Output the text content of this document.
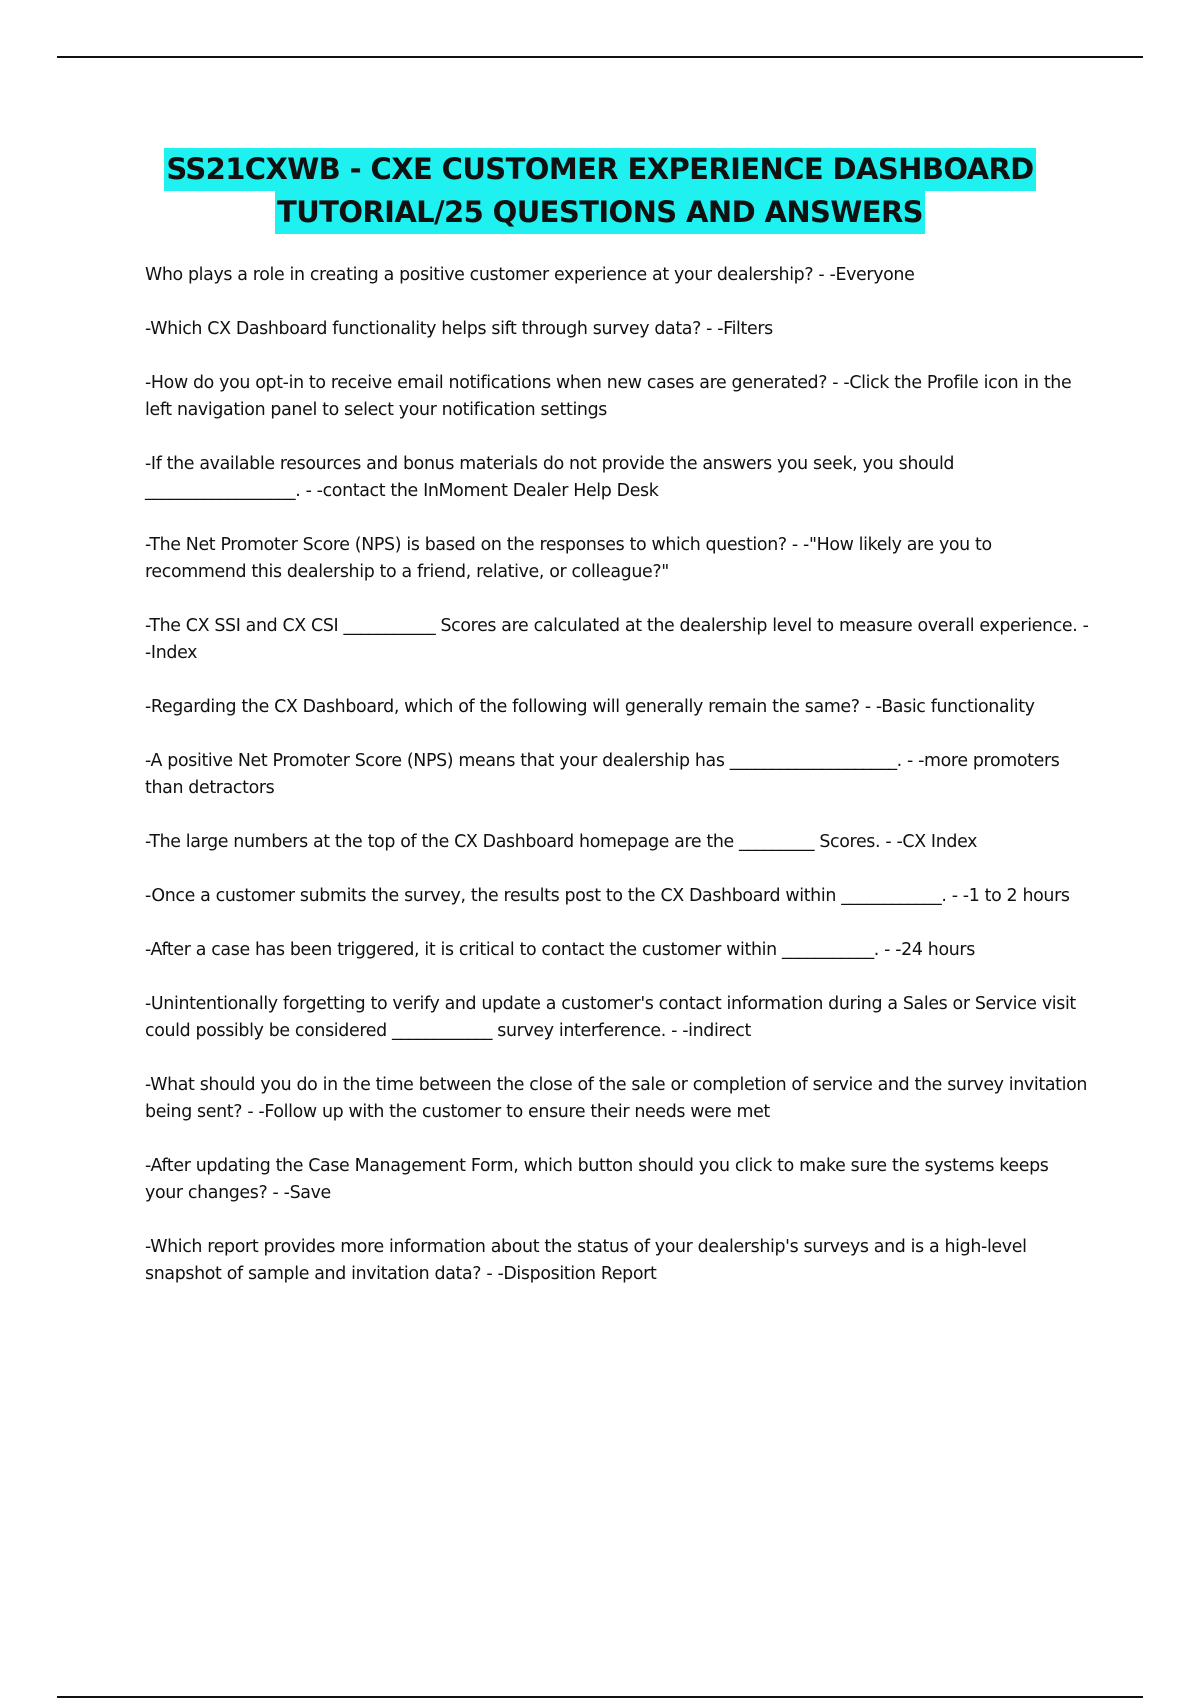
SS21CXWB - CXE CUSTOMER EXPERIENCE DASHBOARD
TUTORIAL/25 QUESTIONS AND ANSWERS

Who plays a role in creating a positive customer experience at your dealership? - -Everyone

-Which CX Dashboard functionality helps sift through survey data? - -Filters

-How do you opt-in to receive email notifications when new cases are generated? - -Click the Profile icon in the left navigation panel to select your notification settings

-If the available resources and bonus materials do not provide the answers you seek, you should __________________. - -contact the InMoment Dealer Help Desk

-The Net Promoter Score (NPS) is based on the responses to which question? - -"How likely are you to recommend this dealership to a friend, relative, or colleague?"

-The CX SSI and CX CSI ___________ Scores are calculated at the dealership level to measure overall experience. - -Index

-Regarding the CX Dashboard, which of the following will generally remain the same? - -Basic functionality

-A positive Net Promoter Score (NPS) means that your dealership has ____________________. - -more promoters than detractors

-The large numbers at the top of the CX Dashboard homepage are the _________ Scores. - -CX Index

-Once a customer submits the survey, the results post to the CX Dashboard within ____________. - -1 to 2 hours

-After a case has been triggered, it is critical to contact the customer within ___________. - -24 hours

-Unintentionally forgetting to verify and update a customer's contact information during a Sales or Service visit could possibly be considered ____________ survey interference. - -indirect

-What should you do in the time between the close of the sale or completion of service and the survey invitation being sent? - -Follow up with the customer to ensure their needs were met

-After updating the Case Management Form, which button should you click to make sure the systems keeps your changes? - -Save

-Which report provides more information about the status of your dealership's surveys and is a high-level snapshot of sample and invitation data? - -Disposition Report
